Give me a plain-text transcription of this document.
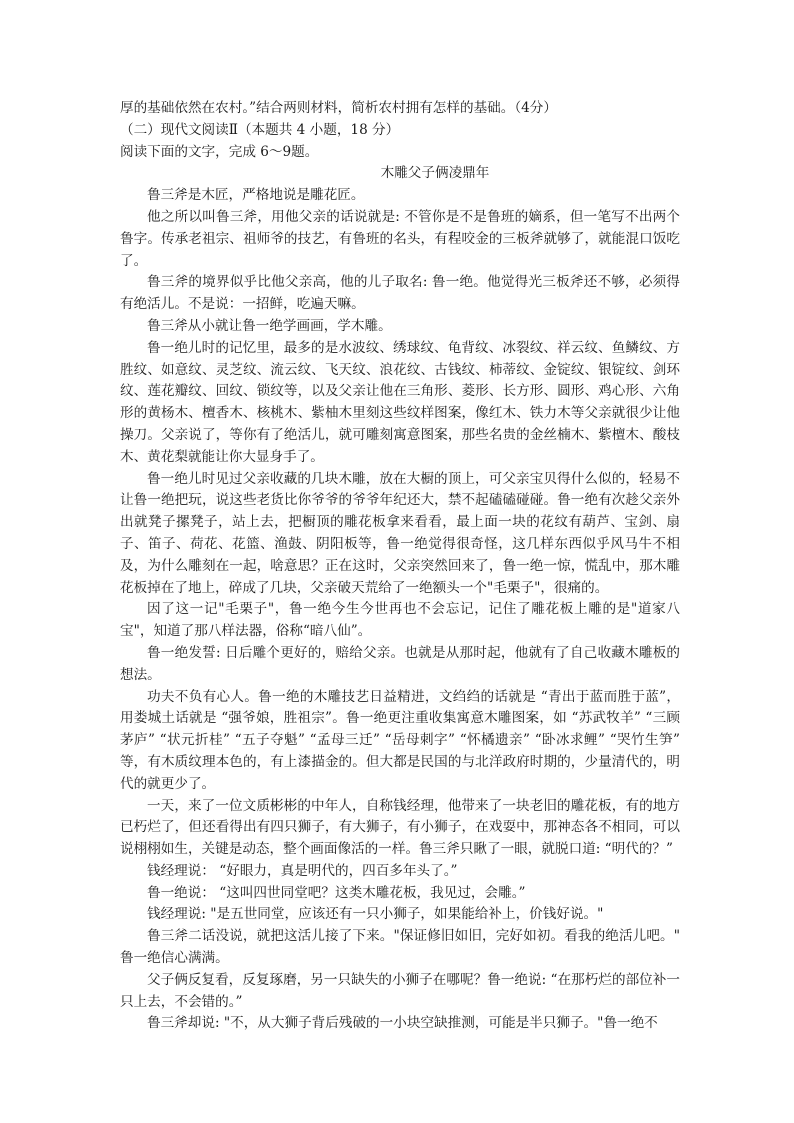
厚的基础依然在农村。”结合两则材料，简析农村拥有怎样的基础。（4分）

（二）现代文阅读Ⅱ（本题共 4 小题，18 分）

阅读下面的文字，完成 6～9题。

木雕父子俩凌鼎年

鲁三斧是木匠，严格地说是雕花匠。

他之所以叫鲁三斧，用他父亲的话说就是: 不管你是不是鲁班的嫡系，但一笔写不出两个鲁字。传承老祖宗、祖师爷的技艺，有鲁班的名头，有程咬金的三板斧就够了，就能混口饭吃了。

鲁三斧的境界似乎比他父亲高，他的儿子取名: 鲁一绝。他觉得光三板斧还不够，必须得有绝活儿。不是说：一招鲜，吃遍天嘛。

鲁三斧从小就让鲁一绝学画画，学木雕。

鲁一绝儿时的记忆里，最多的是水波纹、绣球纹、龟背纹、冰裂纹、祥云纹、鱼鳞纹、方胜纹、如意纹、灵芝纹、流云纹、飞天纹、浪花纹、古钱纹、柿蒂纹、金锭纹、银锭纹、剑环纹、莲花瓣纹、回纹、锁纹等，以及父亲让他在三角形、菱形、长方形、圆形、鸡心形、六角形的黄杨木、檀香木、核桃木、紫柚木里刻这些纹样图案，像红木、铁力木等父亲就很少让他操刀。父亲说了，等你有了绝活儿，就可雕刻寓意图案，那些名贵的金丝楠木、紫檀木、酸枝木、黄花梨就能让你大显身手了。

鲁一绝儿时见过父亲收藏的几块木雕，放在大橱的顶上，可父亲宝贝得什么似的，轻易不让鲁一绝把玩，说这些老货比你爷爷的爷爷年纪还大，禁不起磕磕碰碰。鲁一绝有次趁父亲外出就凳子摞凳子，站上去，把橱顶的雕花板拿来看看，最上面一块的花纹有葫芦、宝剑、扇子、笛子、荷花、花篮、渔鼓、阴阳板等，鲁一绝觉得很奇怪，这几样东西似乎风马牛不相及，为什么雕刻在一起，啥意思？正在这时，父亲突然回来了，鲁一绝一惊，慌乱中，那木雕花板掉在了地上，碎成了几块，父亲破天荒给了一绝额头一个"毛栗子"，很痛的。

因了这一记"毛栗子"，鲁一绝今生今世再也不会忘记，记住了雕花板上雕的是"道家八宝"，知道了那八样法器，俗称“暗八仙”。

鲁一绝发誓: 日后雕个更好的，赔给父亲。也就是从那时起，他就有了自己收藏木雕板的想法。

功夫不负有心人。鲁一绝的木雕技艺日益精进，文绉绉的话就是 “青出于蓝而胜于蓝”，用娄城土话就是 “强爷娘，胜祖宗”。鲁一绝更注重收集寓意木雕图案，如 “苏武牧羊” “三顾茅庐” “状元折桂” “五子夺魁” “孟母三迁” “岳母刺字” “怀橘遗亲” “卧冰求鲤” “哭竹生笋” 等，有木质纹理本色的，有上漆描金的。但大都是民国的与北洋政府时期的，少量清代的，明代的就更少了。

一天，来了一位文质彬彬的中年人，自称钱经理，他带来了一块老旧的雕花板，有的地方已朽烂了，但还看得出有四只狮子，有大狮子，有小狮子，在戏耍中，那神态各不相同，可以说栩栩如生，关键是动态，整个画面像活的一样。鲁三斧只瞅了一眼，就脱口道: “明代的？”

钱经理说： “好眼力，真是明代的，四百多年头了。”

鲁一绝说： “这叫四世同堂吧？这类木雕花板，我见过，会雕。”

钱经理说: "是五世同堂，应该还有一只小狮子，如果能给补上，价钱好说。"

鲁三斧二话没说，就把这活儿接了下来。"保证修旧如旧，完好如初。看我的绝活儿吧。" 鲁一绝信心满满。

父子俩反复看，反复琢磨，另一只缺失的小狮子在哪呢？鲁一绝说: “在那朽烂的部位补一只上去，不会错的。”

鲁三斧却说: "不，从大狮子背后残破的一小块空缺推测，可能是半只狮子。"鲁一绝不
